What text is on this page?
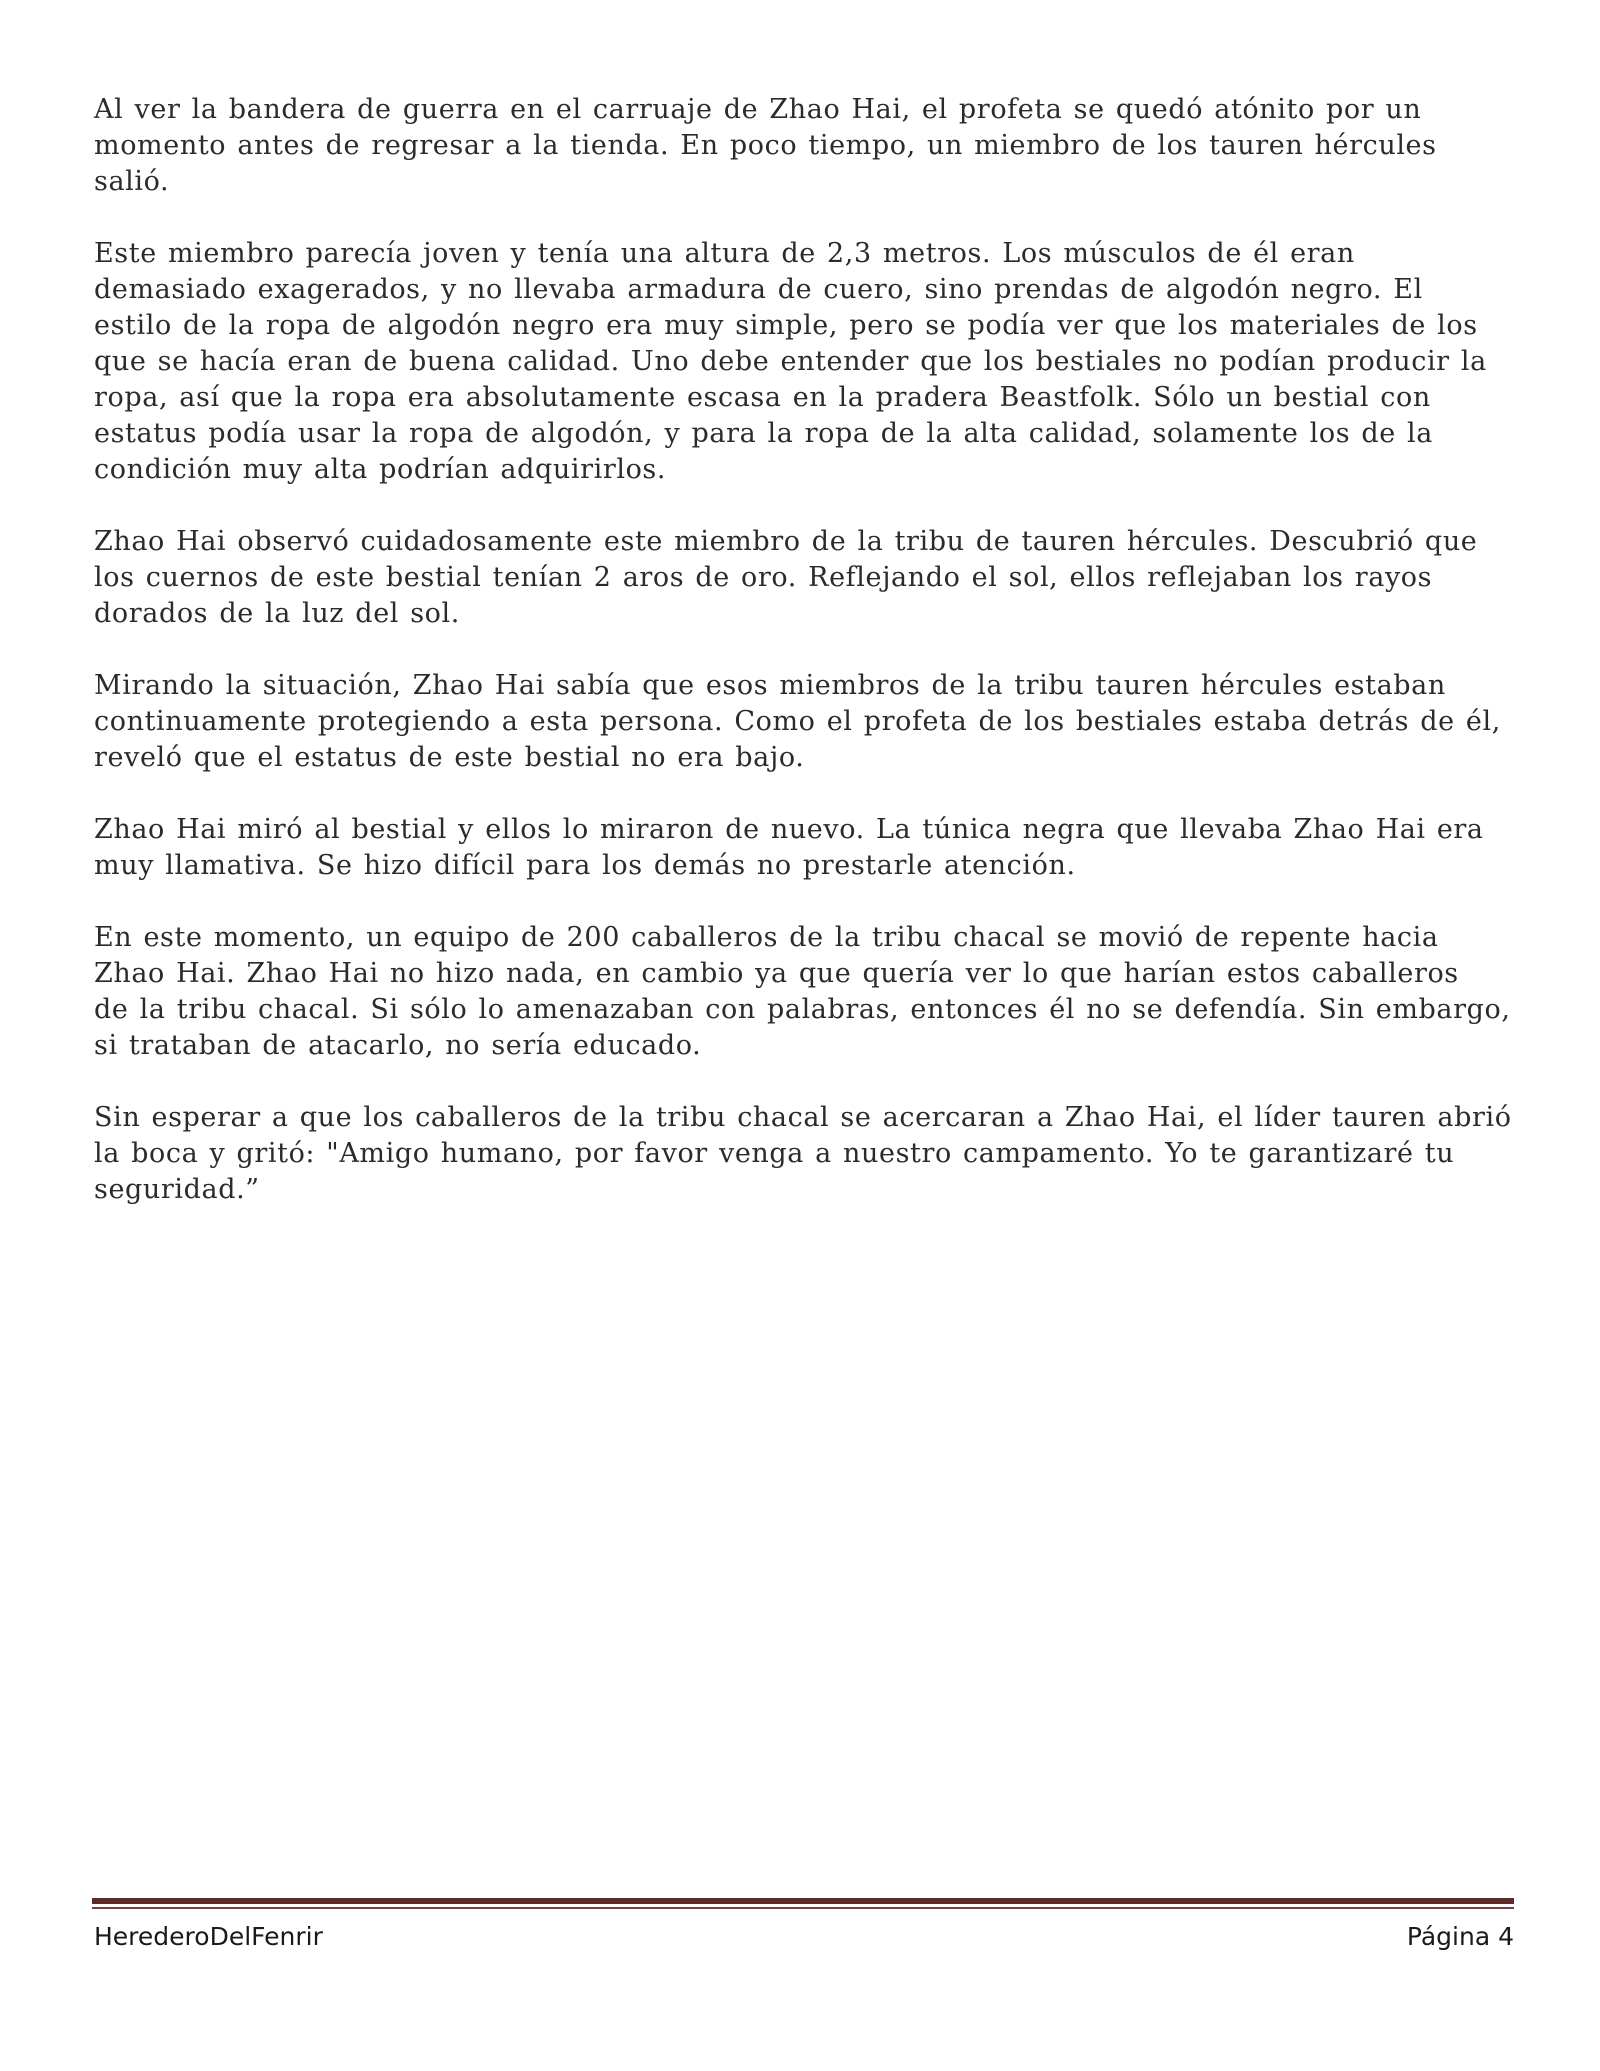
Al ver la bandera de guerra en el carruaje de Zhao Hai, el profeta se quedó atónito por un
momento antes de regresar a la tienda. En poco tiempo, un miembro de los tauren hércules
salió.

Este miembro parecía joven y tenía una altura de 2,3 metros. Los músculos de él eran
demasiado exagerados, y no llevaba armadura de cuero, sino prendas de algodón negro. El
estilo de la ropa de algodón negro era muy simple, pero se podía ver que los materiales de los
que se hacía eran de buena calidad. Uno debe entender que los bestiales no podían producir la
ropa, así que la ropa era absolutamente escasa en la pradera Beastfolk. Sólo un bestial con
estatus podía usar la ropa de algodón, y para la ropa de la alta calidad, solamente los de la
condición muy alta podrían adquirirlos.

Zhao Hai observó cuidadosamente este miembro de la tribu de tauren hércules. Descubrió que
los cuernos de este bestial tenían 2 aros de oro. Reflejando el sol, ellos reflejaban los rayos
dorados de la luz del sol.

Mirando la situación, Zhao Hai sabía que esos miembros de la tribu tauren hércules estaban
continuamente protegiendo a esta persona. Como el profeta de los bestiales estaba detrás de él,
reveló que el estatus de este bestial no era bajo.

Zhao Hai miró al bestial y ellos lo miraron de nuevo. La túnica negra que llevaba Zhao Hai era
muy llamativa. Se hizo difícil para los demás no prestarle atención.

En este momento, un equipo de 200 caballeros de la tribu chacal se movió de repente hacia
Zhao Hai. Zhao Hai no hizo nada, en cambio ya que quería ver lo que harían estos caballeros
de la tribu chacal. Si sólo lo amenazaban con palabras, entonces él no se defendía. Sin embargo,
si trataban de atacarlo, no sería educado.

Sin esperar a que los caballeros de la tribu chacal se acercaran a Zhao Hai, el líder tauren abrió
la boca y gritó: "Amigo humano, por favor venga a nuestro campamento. Yo te garantizaré tu
seguridad.”

HerederoDelFenrir	Página 4
